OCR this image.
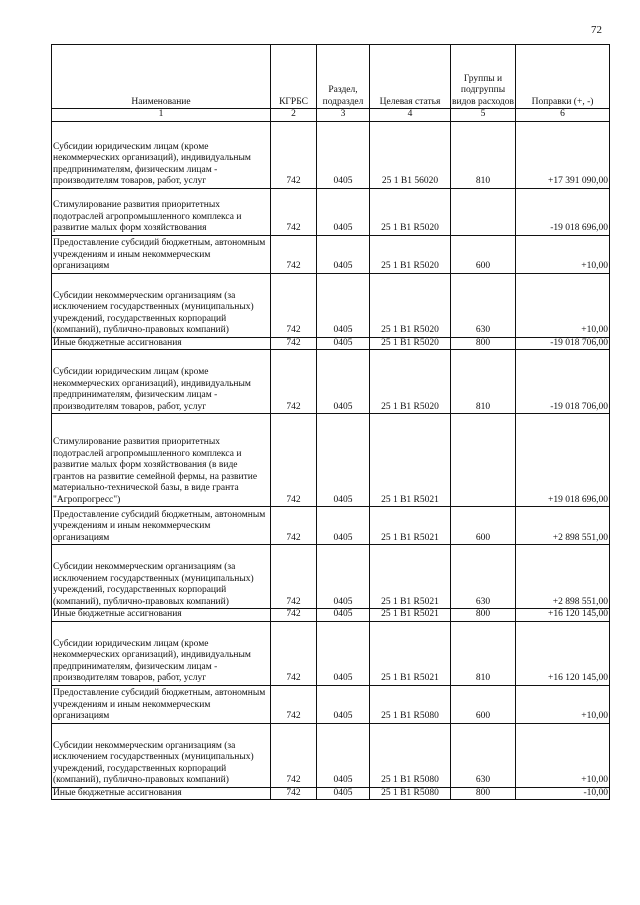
72
Наименование	КГРБС	Раздел, подраздел	Целевая статья	Группы и подгруппы видов расходов	Поправки (+, -)
1	2	3	4	5	6
Субсидии юридическим лицам (кроме некоммерческих организаций), индивидуальным предпринимателям, физическим лицам - производителям товаров, работ, услуг	742	0405	25 1 B1 56020	810	+17 391 090,00
Стимулирование развития приоритетных подотраслей агропромышленного комплекса и развитие малых форм хозяйствования	742	0405	25 1 B1 R5020		-19 018 696,00
Предоставление субсидий бюджетным, автономным учреждениям и иным некоммерческим организациям	742	0405	25 1 B1 R5020	600	+10,00
Субсидии некоммерческим организациям (за исключением государственных (муниципальных) учреждений, государственных корпораций (компаний), публично-правовых компаний)	742	0405	25 1 B1 R5020	630	+10,00
Иные бюджетные ассигнования	742	0405	25 1 B1 R5020	800	-19 018 706,00
Субсидии юридическим лицам (кроме некоммерческих организаций), индивидуальным предпринимателям, физическим лицам - производителям товаров, работ, услуг	742	0405	25 1 B1 R5020	810	-19 018 706,00
Стимулирование развития приоритетных подотраслей агропромышленного комплекса и развитие малых форм хозяйствования (в виде грантов на развитие семейной фермы, на развитие материально-технической базы, в виде гранта "Агропрогресс")	742	0405	25 1 B1 R5021		+19 018 696,00
Предоставление субсидий бюджетным, автономным учреждениям и иным некоммерческим организациям	742	0405	25 1 B1 R5021	600	+2 898 551,00
Субсидии некоммерческим организациям (за исключением государственных (муниципальных) учреждений, государственных корпораций (компаний), публично-правовых компаний)	742	0405	25 1 B1 R5021	630	+2 898 551,00
Иные бюджетные ассигнования	742	0405	25 1 B1 R5021	800	+16 120 145,00
Субсидии юридическим лицам (кроме некоммерческих организаций), индивидуальным предпринимателям, физическим лицам - производителям товаров, работ, услуг	742	0405	25 1 B1 R5021	810	+16 120 145,00
Предоставление субсидий бюджетным, автономным учреждениям и иным некоммерческим организациям	742	0405	25 1 B1 R5080	600	+10,00
Субсидии некоммерческим организациям (за исключением государственных (муниципальных) учреждений, государственных корпораций (компаний), публично-правовых компаний)	742	0405	25 1 B1 R5080	630	+10,00
Иные бюджетные ассигнования	742	0405	25 1 B1 R5080	800	-10,00
